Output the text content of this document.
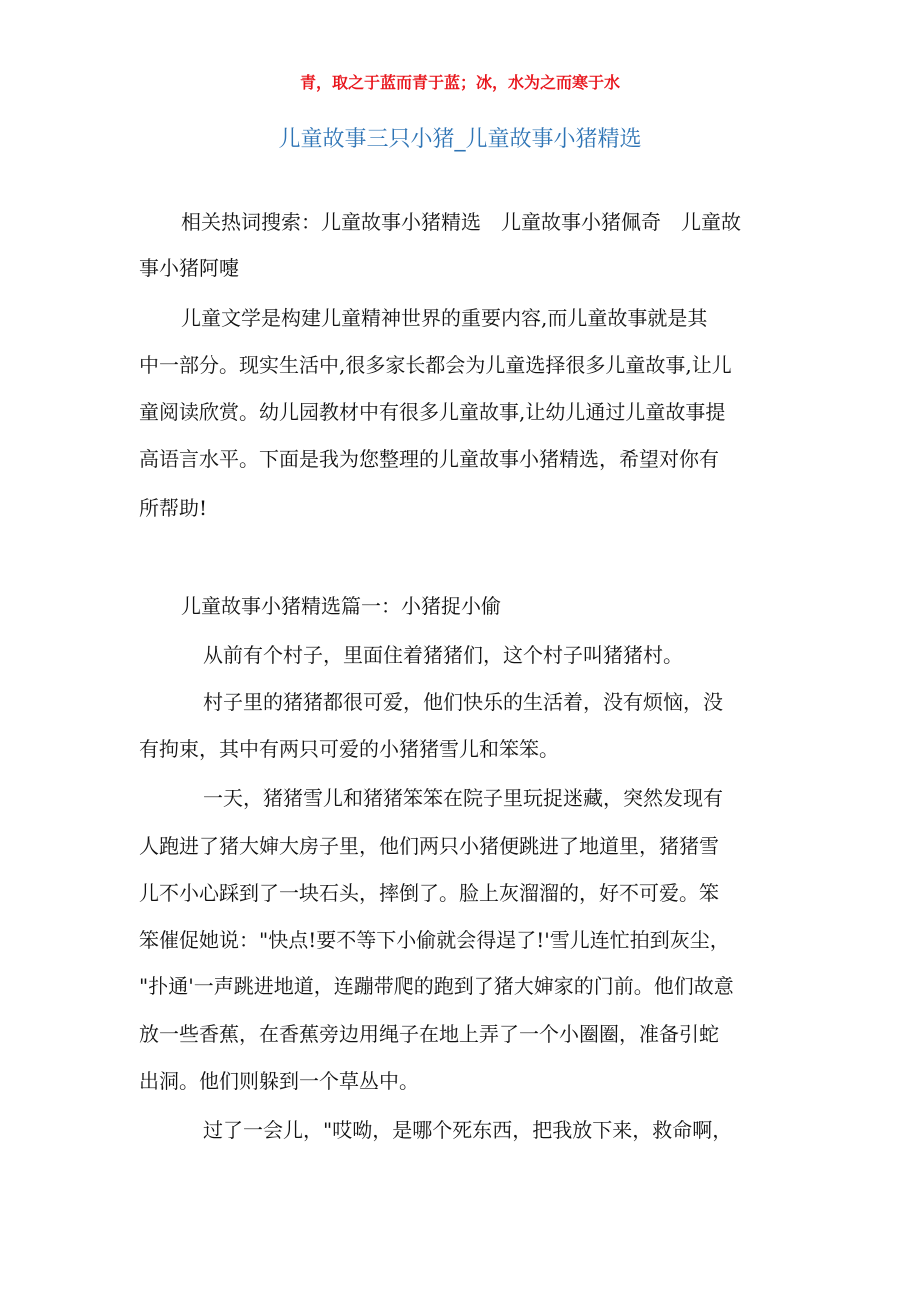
青，取之于蓝而青于蓝；冰，水为之而寒于水
儿童故事三只小猪_儿童故事小猪精选
相关热词搜索：儿童故事小猪精选　儿童故事小猪佩奇　儿童故
事小猪阿嚏
儿童文学是构建儿童精神世界的重要内容,而儿童故事就是其
中一部分。现实生活中,很多家长都会为儿童选择很多儿童故事,让儿
童阅读欣赏。幼儿园教材中有很多儿童故事,让幼儿通过儿童故事提
高语言水平。下面是我为您整理的儿童故事小猪精选，希望对你有
所帮助!
儿童故事小猪精选篇一：小猪捉小偷
从前有个村子，里面住着猪猪们，这个村子叫猪猪村。
村子里的猪猪都很可爱，他们快乐的生活着，没有烦恼，没
有拘束，其中有两只可爱的小猪猪雪儿和笨笨。
一天，猪猪雪儿和猪猪笨笨在院子里玩捉迷藏，突然发现有
人跑进了猪大婶大房子里，他们两只小猪便跳进了地道里，猪猪雪
儿不小心踩到了一块石头，摔倒了。脸上灰溜溜的，好不可爱。笨
笨催促她说："快点!要不等下小偷就会得逞了!'雪儿连忙拍到灰尘，
"扑通'一声跳进地道，连蹦带爬的跑到了猪大婶家的门前。他们故意
放一些香蕉，在香蕉旁边用绳子在地上弄了一个小圈圈，准备引蛇
出洞。他们则躲到一个草丛中。
过了一会儿，"哎呦，是哪个死东西，把我放下来，救命啊，
